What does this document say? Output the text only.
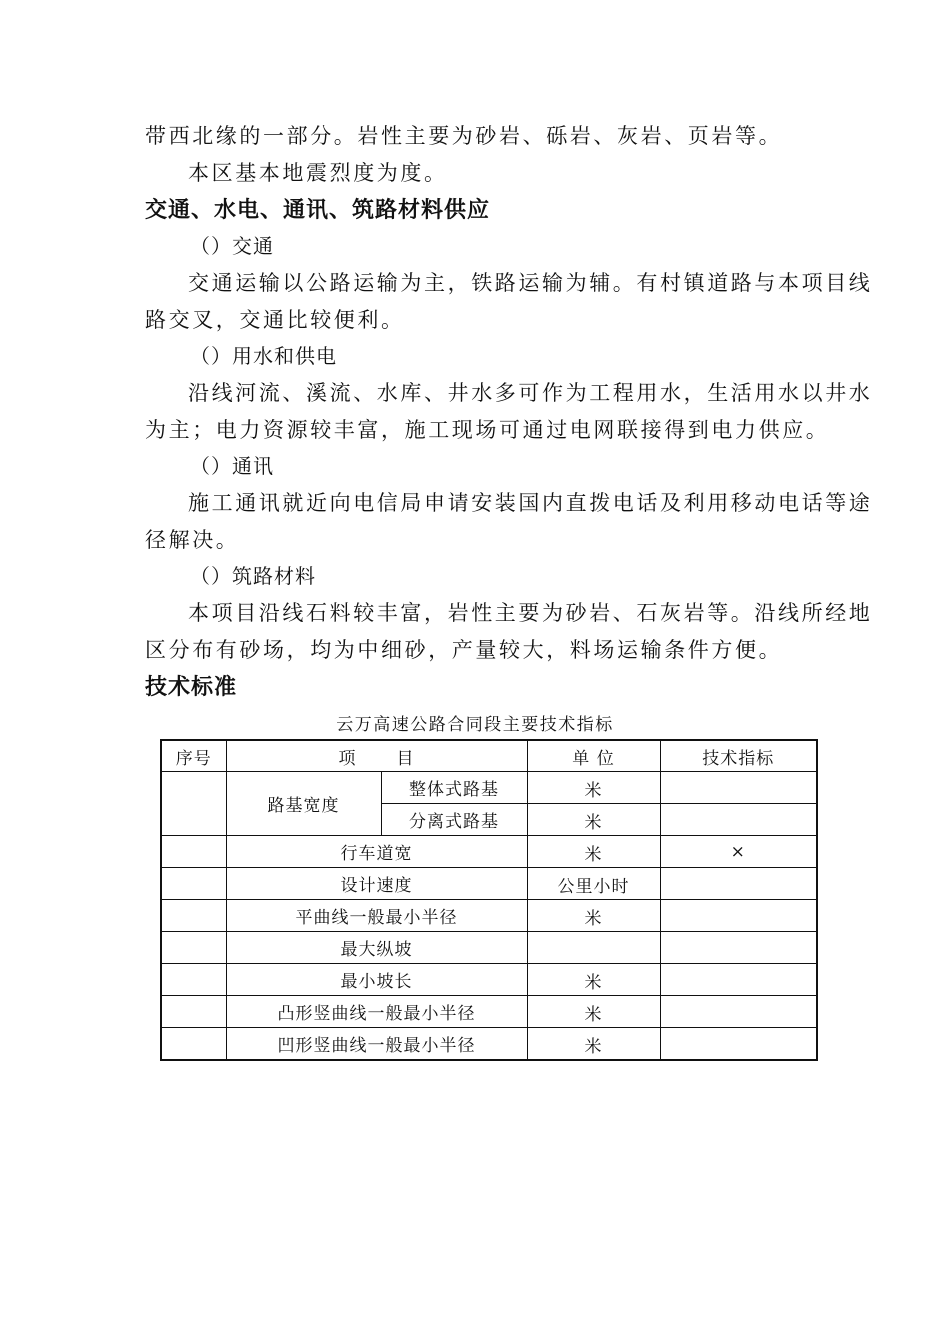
带西北缘的一部分。岩性主要为砂岩、砾岩、灰岩、页岩等。

本区基本地震烈度为度。

交通、水电、通讯、筑路材料供应

（）交通

交通运输以公路运输为主，铁路运输为辅。有村镇道路与本项目线

路交叉，交通比较便利。

（）用水和供电

沿线河流、溪流、水库、井水多可作为工程用水，生活用水以井水

为主；电力资源较丰富，施工现场可通过电网联接得到电力供应。

（）通讯

施工通讯就近向电信局申请安装国内直拨电话及利用移动电话等途

径解决。

（）筑路材料

本项目沿线石料较丰富，岩性主要为砂岩、石灰岩等。沿线所经地

区分布有砂场，均为中细砂，产量较大，料场运输条件方便。

技术标准

云万高速公路合同段主要技术指标
序号	项 目		单 位	技术指标
	路基宽度	整体式路基	米	
		分离式路基	米	
	行车道宽		米	×
	设计速度		公里小时	
	平曲线一般最小半径		米	
	最大纵坡			
	最小坡长		米	
	凸形竖曲线一般最小半径		米	
	凹形竖曲线一般最小半径		米	
